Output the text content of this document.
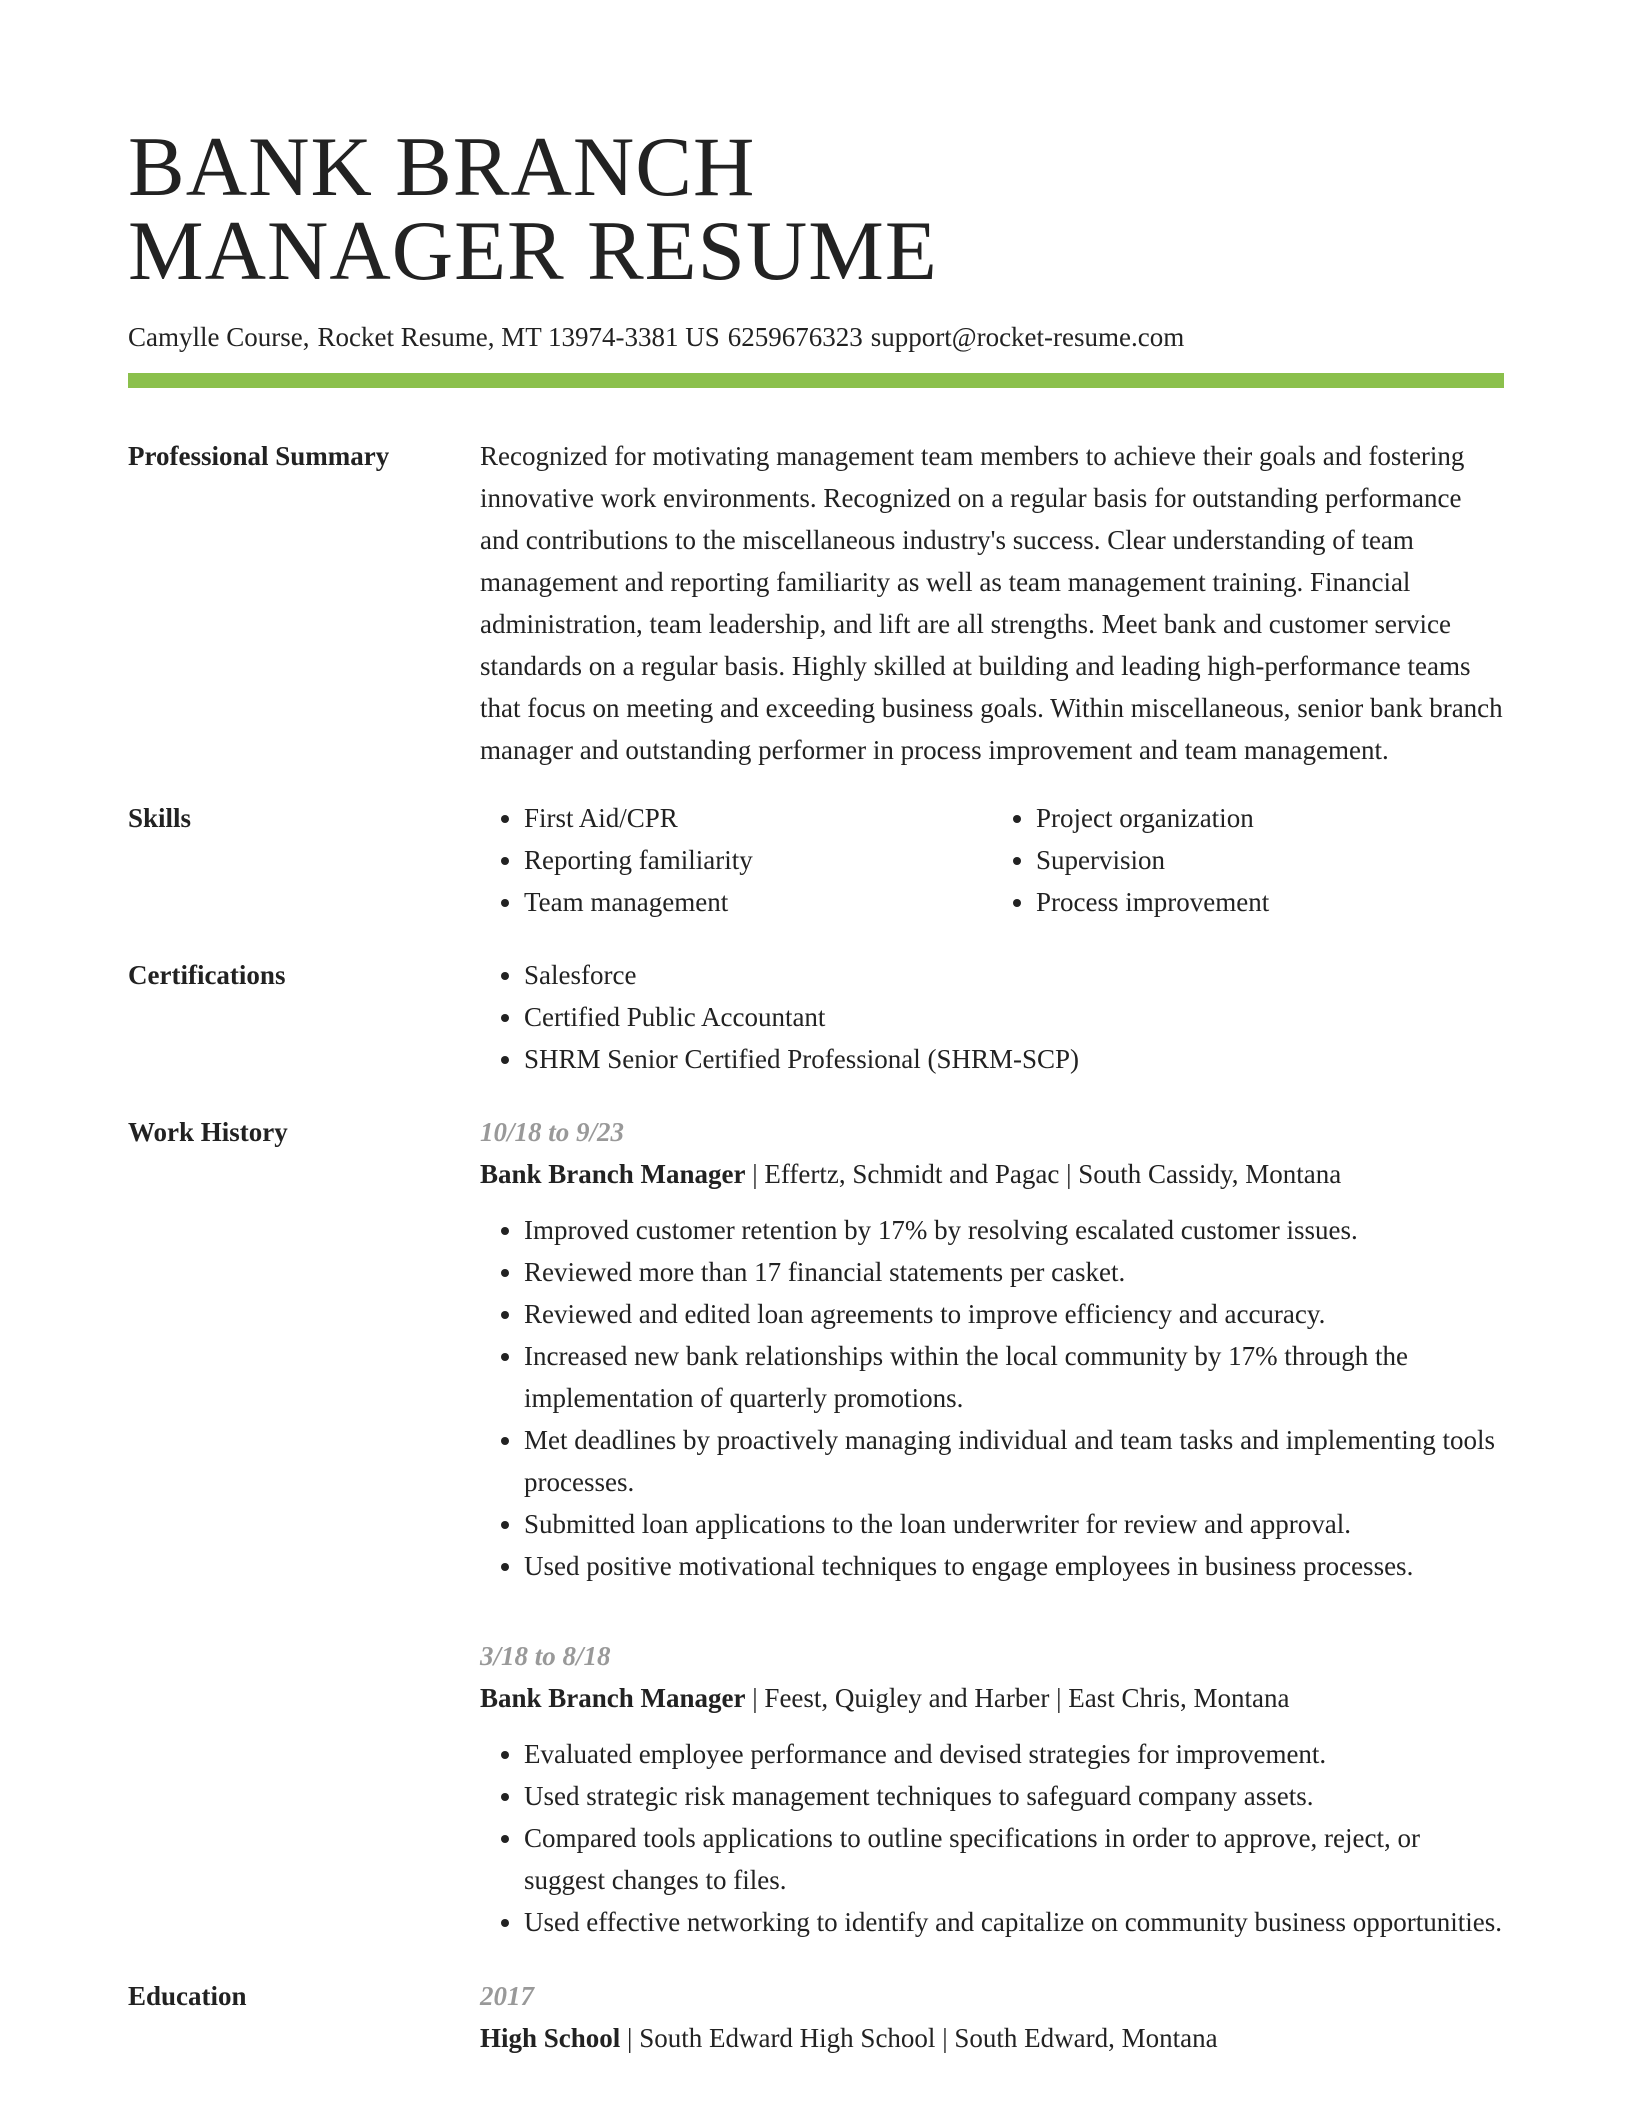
BANK BRANCH
MANAGER RESUME
Camylle Course, Rocket Resume, MT 13974-3381 US 6259676323 support@rocket-resume.com
Professional Summary	Recognized for motivating management team members to achieve their goals and fostering innovative work environments. Recognized on a regular basis for outstanding performance and contributions to the miscellaneous industry's success. Clear understanding of team management and reporting familiarity as well as team management training. Financial administration, team leadership, and lift are all strengths. Meet bank and customer service standards on a regular basis. Highly skilled at building and leading high-performance teams that focus on meeting and exceeding business goals. Within miscellaneous, senior bank branch manager and outstanding performer in process improvement and team management.

Skills	• First Aid/CPR
• Reporting familiarity
• Team management
• Project organization
• Supervision
• Process improvement
Certifications	• Salesforce
• Certified Public Accountant
• SHRM Senior Certified Professional (SHRM-SCP)
Work History	10/18 to 9/23
Bank Branch Manager | Effertz, Schmidt and Pagac | South Cassidy, Montana
• Improved customer retention by 17% by resolving escalated customer issues.
• Reviewed more than 17 financial statements per casket.
• Reviewed and edited loan agreements to improve efficiency and accuracy.
• Increased new bank relationships within the local community by 17% through the implementation of quarterly promotions.
• Met deadlines by proactively managing individual and team tasks and implementing tools processes.
• Submitted loan applications to the loan underwriter for review and approval.
• Used positive motivational techniques to engage employees in business processes.
3/18 to 8/18
Bank Branch Manager | Feest, Quigley and Harber | East Chris, Montana
• Evaluated employee performance and devised strategies for improvement.
• Used strategic risk management techniques to safeguard company assets.
• Compared tools applications to outline specifications in order to approve, reject, or suggest changes to files.
• Used effective networking to identify and capitalize on community business opportunities.
Education	2017
High School | South Edward High School | South Edward, Montana
